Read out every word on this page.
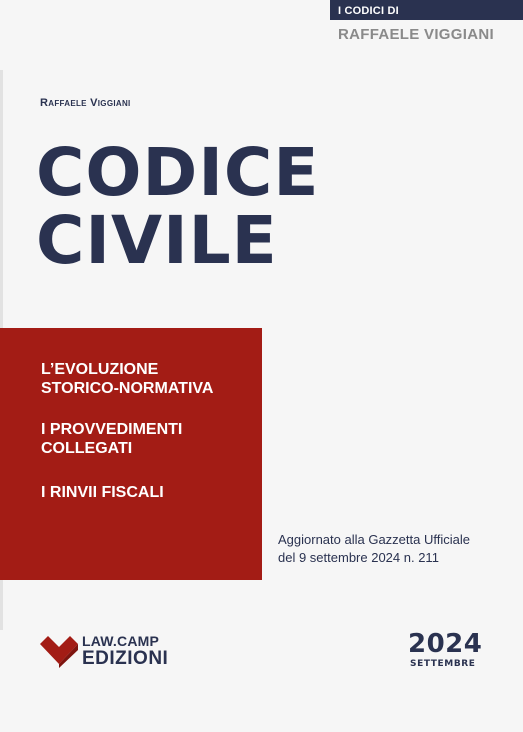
I CODICI DI
RAFFAELE VIGGIANI
Raffaele Viggiani
CODICE
CIVILE
L’EVOLUZIONE
STORICO-NORMATIVA
I PROVVEDIMENTI
COLLEGATI
I RINVII FISCALI
Aggiornato alla Gazzetta Ufficiale
del 9 settembre 2024 n. 211
LAW.CAMP
EDIZIONI	2024
SETTEMBRE
